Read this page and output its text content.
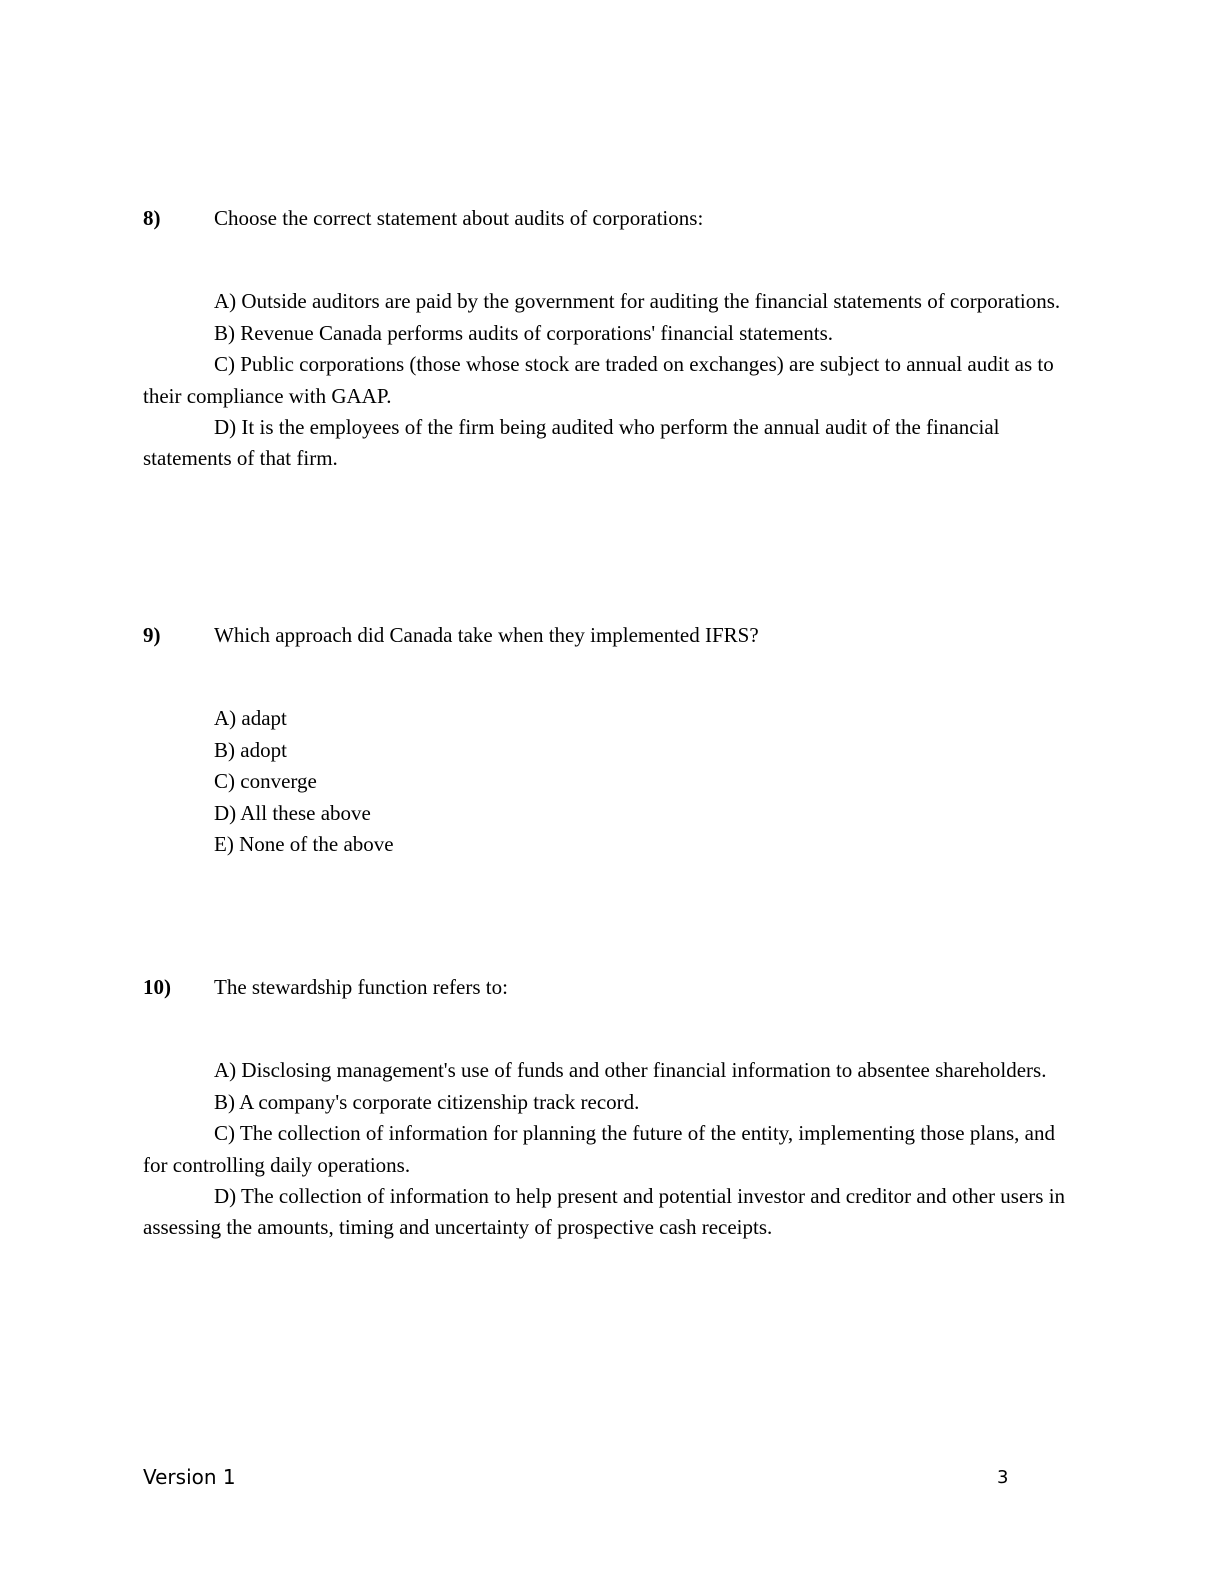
8)	Choose the correct statement about audits of corporations:
A) Outside auditors are paid by the government for auditing the financial statements of corporations.
B) Revenue Canada performs audits of corporations' financial statements.
C) Public corporations (those whose stock are traded on exchanges) are subject to annual audit as to their compliance with GAAP.
D) It is the employees of the firm being audited who perform the annual audit of the financial statements of that firm.
9)	Which approach did Canada take when they implemented IFRS?
A) adapt
B) adopt
C) converge
D) All these above
E) None of the above
10)	The stewardship function refers to:
A) Disclosing management's use of funds and other financial information to absentee shareholders.
B) A company's corporate citizenship track record.
C) The collection of information for planning the future of the entity, implementing those plans, and for controlling daily operations.
D) The collection of information to help present and potential investor and creditor and other users in assessing the amounts, timing and uncertainty of prospective cash receipts.
Version 1	3
